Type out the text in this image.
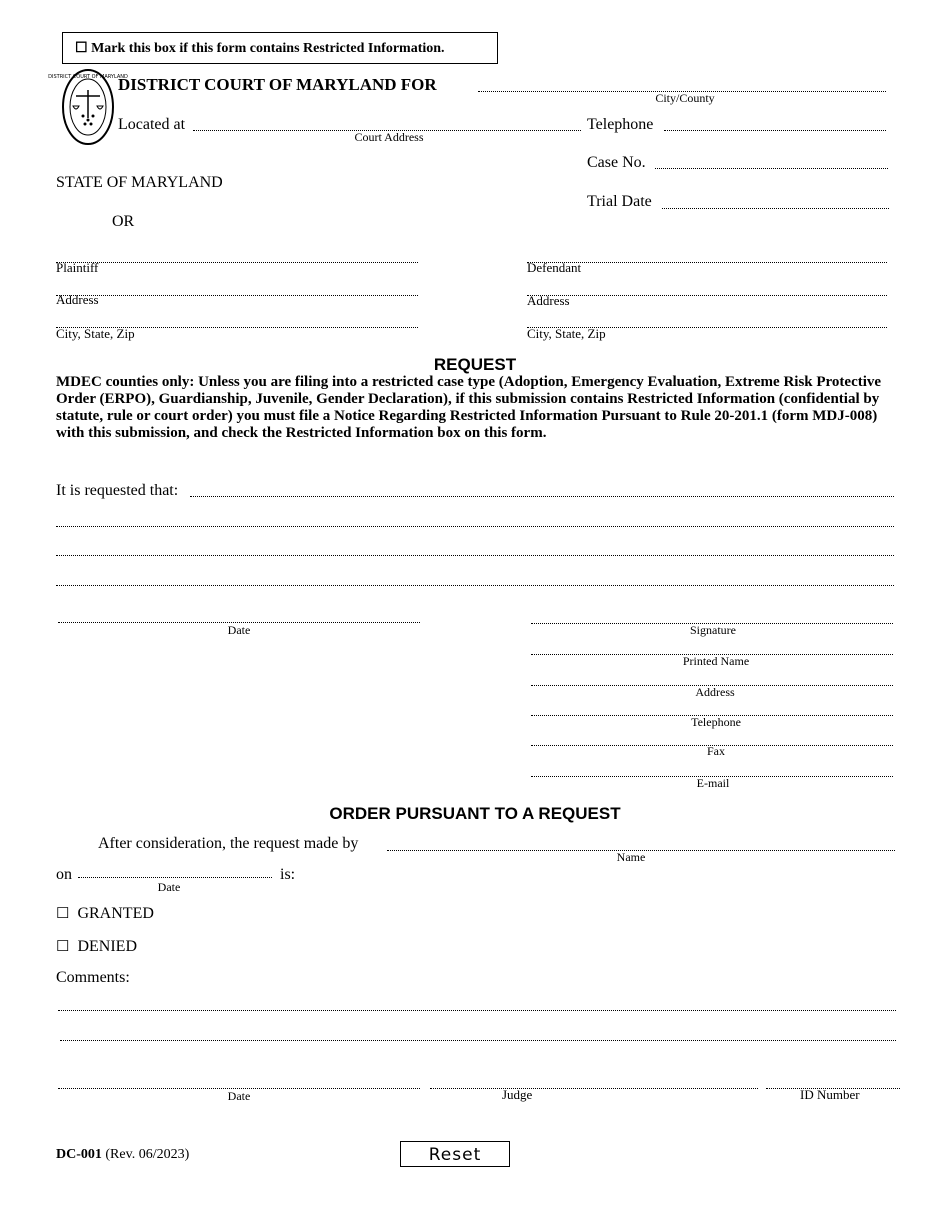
☐ Mark this box if this form contains Restricted Information.
DISTRICT COURT OF MARYLAND
DISTRICT COURT OF MARYLAND FOR
City/County
Located at
Court Address
Telephone
Case No.
STATE OF MARYLAND
Trial Date
OR
Plaintiff
Address
City, State, Zip
Defendant
Address
City, State, Zip
REQUEST
MDEC counties only: Unless you are filing into a restricted case type (Adoption, Emergency Evaluation, Extreme Risk Protective Order (ERPO), Guardianship, Juvenile, Gender Declaration), if this submission contains Restricted Information (confidential by statute, rule or court order) you must file a Notice Regarding Restricted Information Pursuant to Rule 20-201.1 (form MDJ-008) with this submission, and check the Restricted Information box on this form.
It is requested that:
Date	Signature
Printed Name
Address
Telephone
Fax
E-mail
ORDER PURSUANT TO A REQUEST
After consideration, the request made by
Name
on
Date
is:
☐ GRANTED
☐ DENIED
Comments:
Date	Judge	ID Number
DC-001 (Rev. 06/2023)	Reset
